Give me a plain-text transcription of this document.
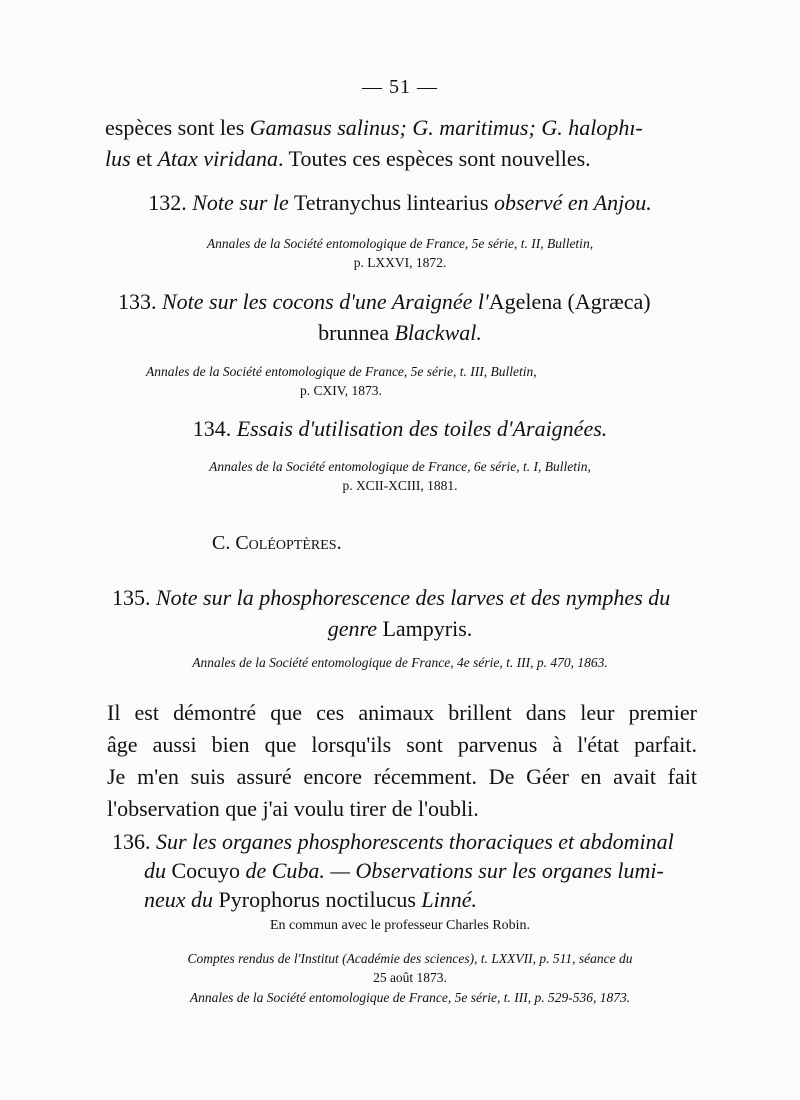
— 51 —
espèces sont les Gamasus salinus; G. maritimus; G. halophı-
lus et Atax viridana. Toutes ces espèces sont nouvelles.
132. Note sur le Tetranychus lintearius observé en Anjou.
Annales de la Société entomologique de France, 5e série, t. II, Bulletin,
p. LXXVI, 1872.
133. Note sur les cocons d'une Araignée l'Agelena (Agræca)
brunnea Blackwal.
Annales de la Société entomologique de France, 5e série, t. III, Bulletin,
p. CXIV, 1873.
134. Essais d'utilisation des toiles d'Araignées.
Annales de la Société entomologique de France, 6e série, t. I, Bulletin,
p. XCII-XCIII, 1881.
C. Coléoptères.
135. Note sur la phosphorescence des larves et des nymphes du
genre Lampyris.
Annales de la Société entomologique de France, 4e série, t. III, p. 470, 1863.
Il est démontré que ces animaux brillent dans leur premier
âge aussi bien que lorsqu'ils sont parvenus à l'état parfait.
Je m'en suis assuré encore récemment. De Géer en avait fait
l'observation que j'ai voulu tirer de l'oubli.
136. Sur les organes phosphorescents thoraciques et abdominal
du Cocuyo de Cuba. — Observations sur les organes lumi-
neux du Pyrophorus noctilucus Linné.
En commun avec le professeur Charles Robin.
Comptes rendus de l'Institut (Académie des sciences), t. LXXVII, p. 511, séance du
25 août 1873.
Annales de la Société entomologique de France, 5e série, t. III, p. 529-536, 1873.
